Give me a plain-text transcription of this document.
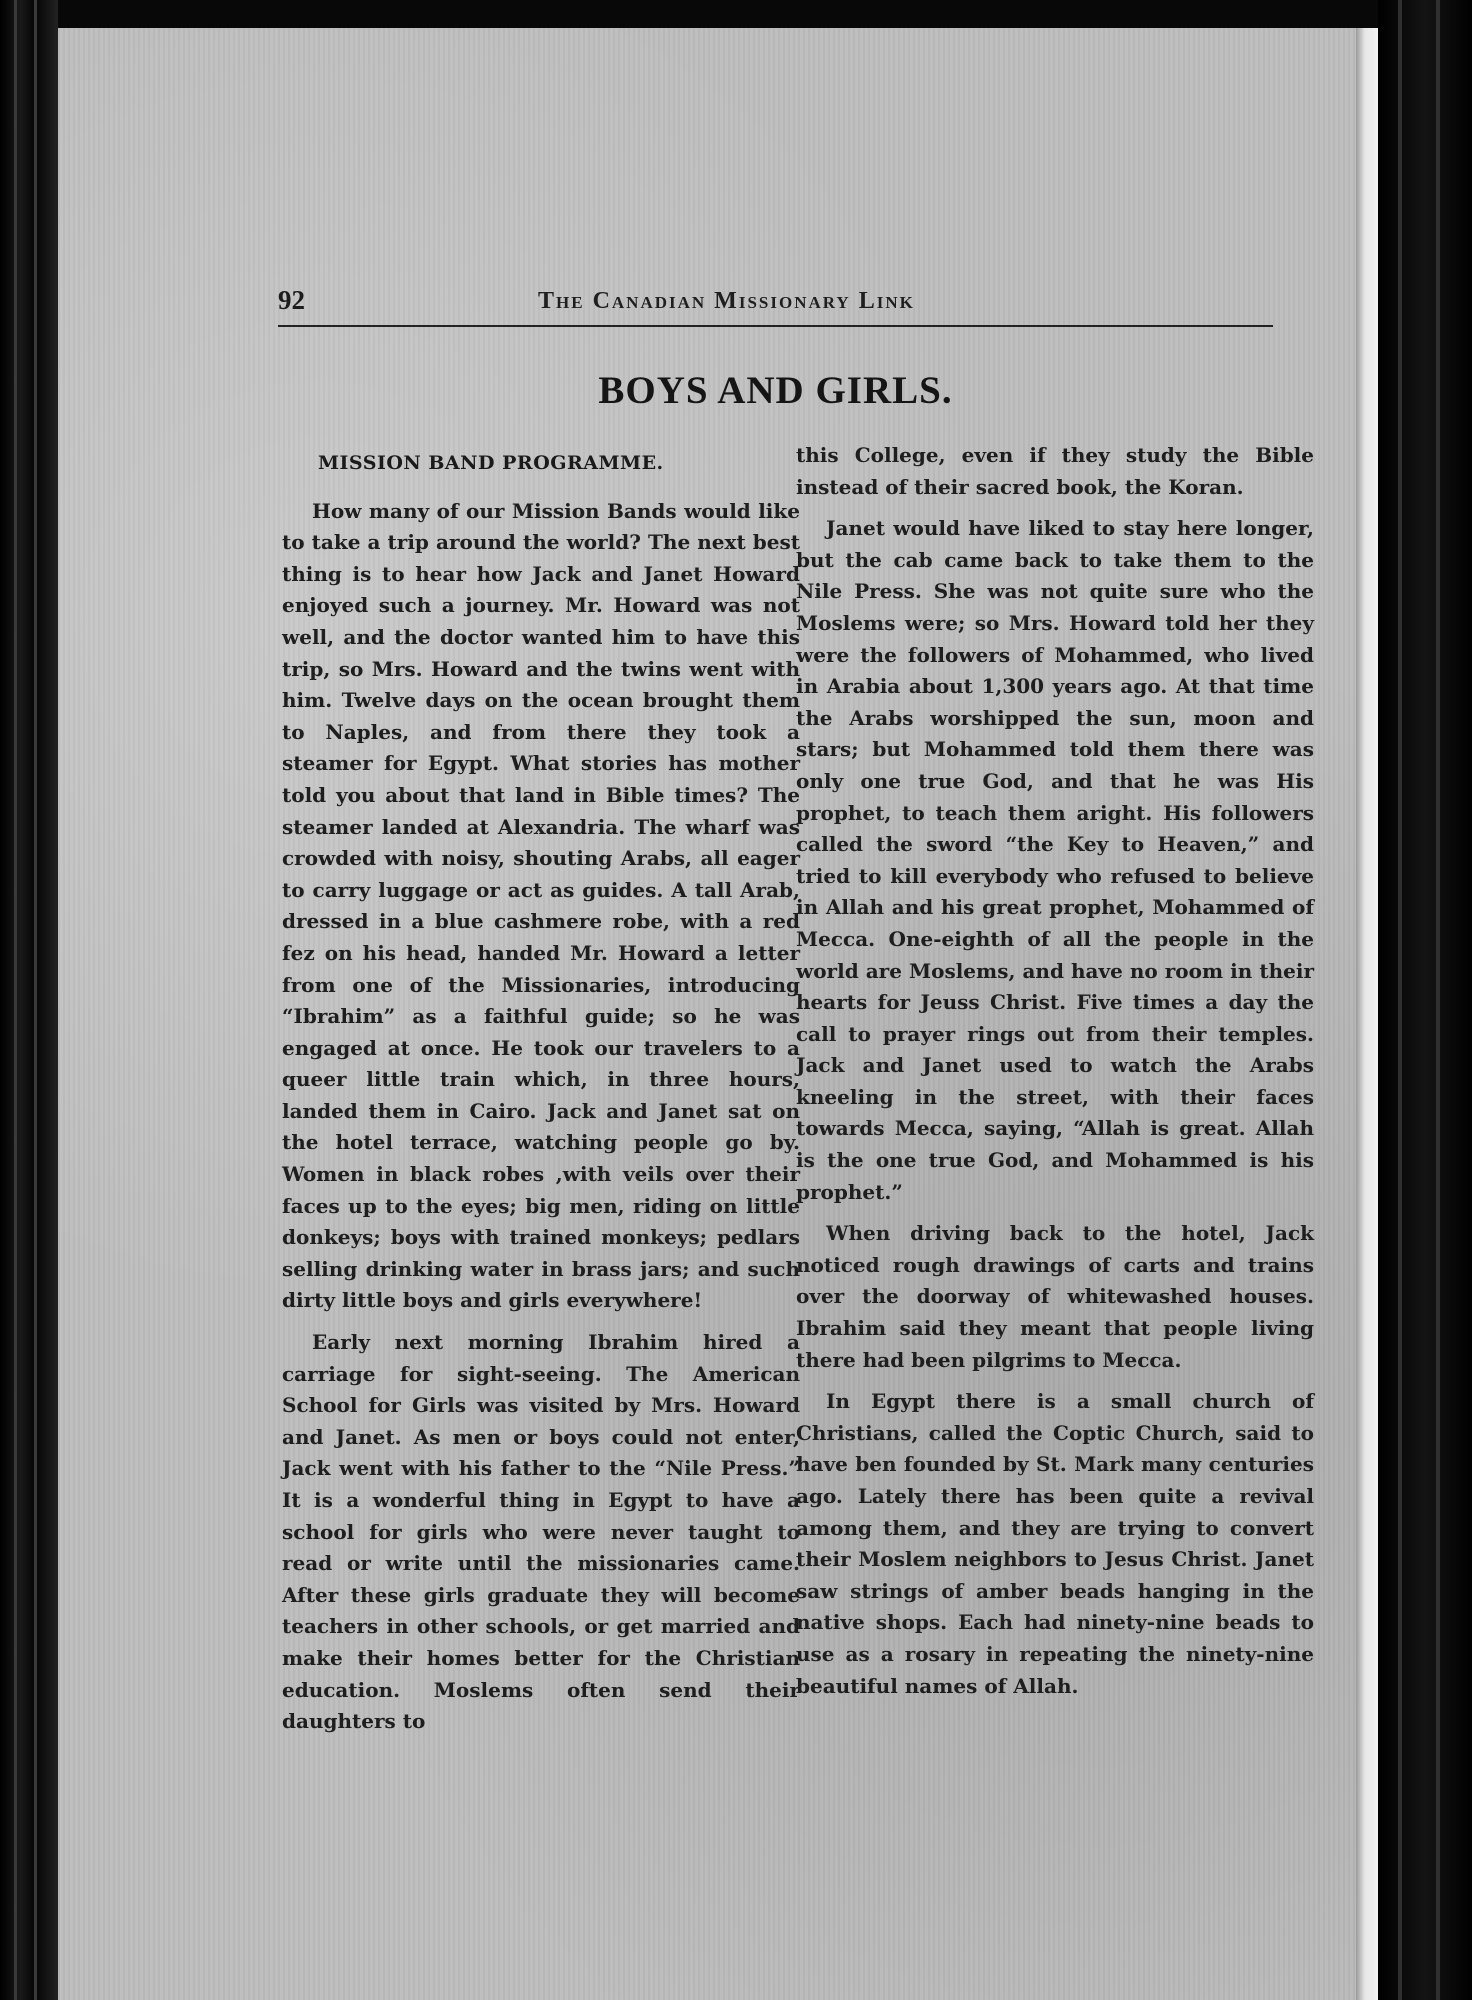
92	The Canadian Missionary Link
BOYS AND GIRLS.
MISSION BAND PROGRAMME.

How many of our Mission Bands would like to take a trip around the world? The next best thing is to hear how Jack and Janet Howard enjoyed such a journey. Mr. Howard was not well, and the doctor wanted him to have this trip, so Mrs. Howard and the twins went with him. Twelve days on the ocean brought them to Naples, and from there they took a steamer for Egypt. What stories has mother told you about that land in Bible times? The steamer landed at Alexandria. The wharf was crowded with noisy, shouting Arabs, all eager to carry luggage or act as guides. A tall Arab, dressed in a blue cashmere robe, with a red fez on his head, handed Mr. Howard a letter from one of the Missionaries, introducing “Ibrahim” as a faithful guide; so he was engaged at once. He took our travelers to a queer little train which, in three hours, landed them in Cairo. Jack and Janet sat on the hotel terrace, watching people go by. Women in black robes ,with veils over their faces up to the eyes; big men, riding on little donkeys; boys with trained monkeys; pedlars selling drinking water in brass jars; and such dirty little boys and girls everywhere!

Early next morning Ibrahim hired a carriage for sight-seeing. The American School for Girls was visited by Mrs. Howard and Janet. As men or boys could not enter, Jack went with his father to the “Nile Press.” It is a wonderful thing in Egypt to have a school for girls who were never taught to read or write until the missionaries came. After these girls graduate they will become teachers in other schools, or get married and make their homes better for the Christian education. Moslems often send their daughters to

this College, even if they study the Bible instead of their sacred book, the Koran.

Janet would have liked to stay here longer, but the cab came back to take them to the Nile Press. She was not quite sure who the Moslems were; so Mrs. Howard told her they were the followers of Mohammed, who lived in Arabia about 1,300 years ago. At that time the Arabs worshipped the sun, moon and stars; but Mohammed told them there was only one true God, and that he was His prophet, to teach them aright. His followers called the sword “the Key to Heaven,” and tried to kill everybody who refused to believe in Allah and his great prophet, Mohammed of Mecca. One-eighth of all the people in the world are Moslems, and have no room in their hearts for Jeuss Christ. Five times a day the call to prayer rings out from their temples. Jack and Janet used to watch the Arabs kneeling in the street, with their faces towards Mecca, saying, “Allah is great. Allah is the one true God, and Mohammed is his prophet.”

When driving back to the hotel, Jack noticed rough drawings of carts and trains over the doorway of whitewashed houses. Ibrahim said they meant that people living there had been pilgrims to Mecca.

In Egypt there is a small church of Christians, called the Coptic Church, said to have ben founded by St. Mark many centuries ago. Lately there has been quite a revival among them, and they are trying to convert their Moslem neighbors to Jesus Christ. Janet saw strings of amber beads hanging in the native shops. Each had ninety-nine beads to use as a rosary in repeating the ninety-nine beautiful names of Allah.
